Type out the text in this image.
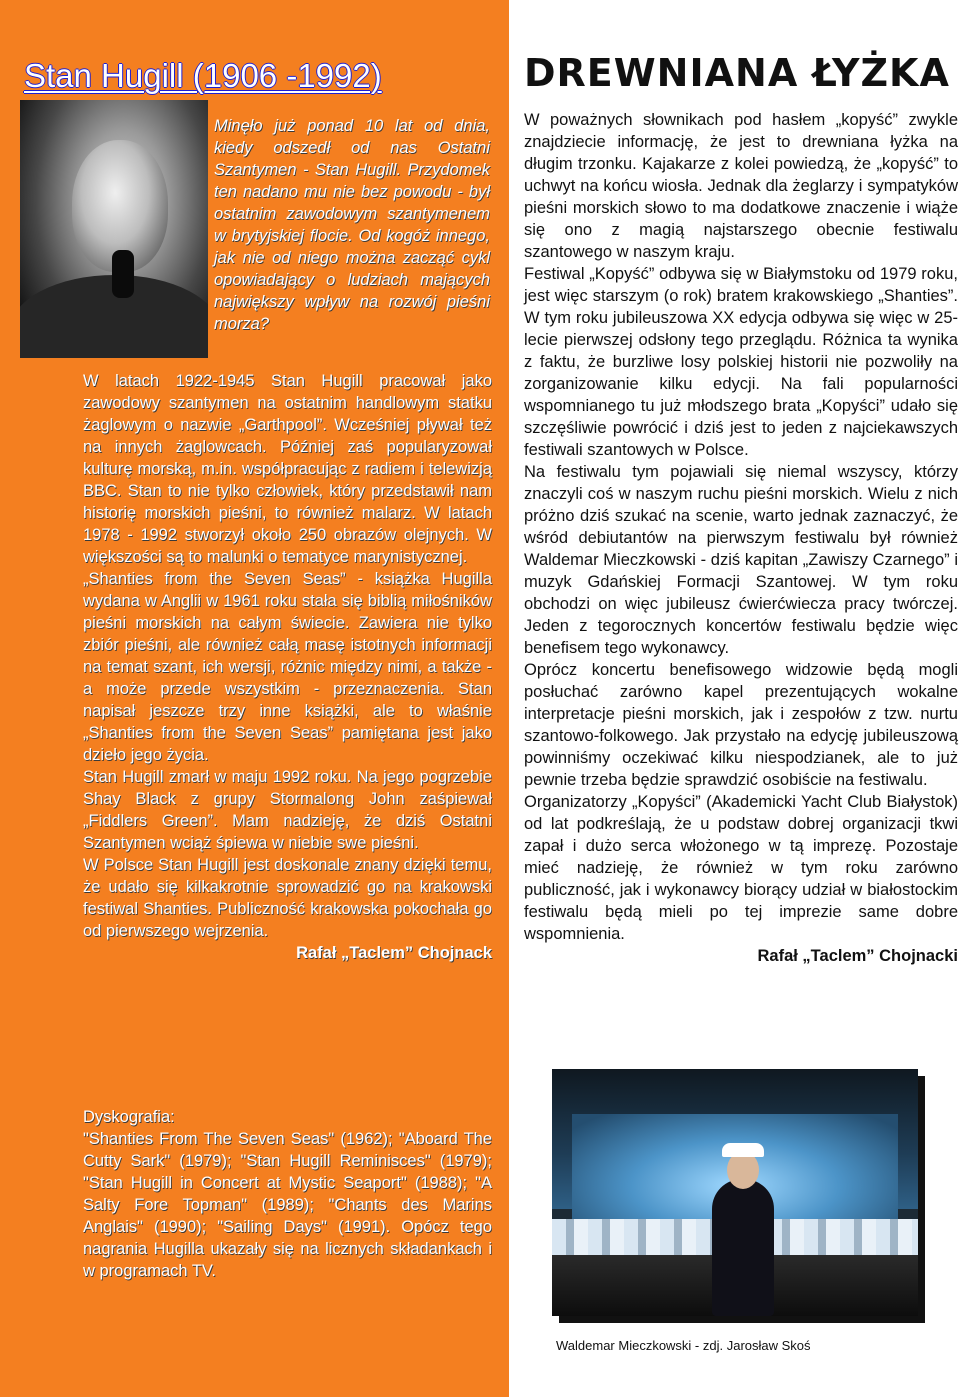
Stan Hugill (1906 -1992)

Minęło już ponad 10 lat od dnia, kiedy odszedł od nas Ostatni Szantymen - Stan Hugill. Przydomek ten nadano mu nie bez powodu - był ostatnim zawodowym szantymenem w brytyjskiej flocie. Od kogóż innego, jak nie od niego można zacząć cykl opowiadający o ludziach mających największy wpływ na rozwój pieśni morza?

W latach 1922-1945 Stan Hugill pracował jako zawodowy szantymen na ostatnim handlowym statku żaglowym o nazwie „Garthpool”. Wcześniej pływał też na innych żaglowcach. Później zaś popularyzował kulturę morską, m.in. współpracując z radiem i telewizją BBC. Stan to nie tylko człowiek, który przedstawił nam historię morskich pieśni, to również malarz. W latach 1978 - 1992 stworzył około 250 obrazów olejnych. W większości są to malunki o tematyce marynistycznej.

„Shanties from the Seven Seas” - książka Hugilla wydana w Anglii w 1961 roku stała się biblią miłośników pieśni morskich na całym świecie. Zawiera nie tylko zbiór pieśni, ale również całą masę istotnych informacji na temat szant, ich wersji, różnic między nimi, a także - a może przede wszystkim - przeznaczenia. Stan napisał jeszcze trzy inne książki, ale to właśnie „Shanties from the Seven Seas” pamiętana jest jako dzieło jego życia.

Stan Hugill zmarł w maju 1992 roku. Na jego pogrzebie Shay Black z grupy Stormalong John zaśpiewał „Fiddlers Green”. Mam nadzieję, że dziś Ostatni Szantymen wciąż śpiewa w niebie swe pieśni.

W Polsce Stan Hugill jest doskonale znany dzięki temu, że udało się kilkakrotnie sprowadzić go na krakowski festiwal Shanties. Publiczność krakowska pokochała go od pierwszego wejrzenia.

Rafał „Taclem” Chojnack

Dyskografia:

"Shanties From The Seven Seas" (1962); "Aboard The Cutty Sark" (1979); "Stan Hugill Reminisces" (1979); "Stan Hugill in Concert at Mystic Seaport" (1988); "A Salty Fore Topman" (1989); "Chants des Marins Anglais" (1990); "Sailing Days" (1991). Opócz tego nagrania Hugilla ukazały się na licznych składankach i w programach TV.

DREWNIANA ŁYŻKA

W poważnych słownikach pod hasłem „kopyść” zwykle znajdziecie informację, że jest to drewniana łyżka na długim trzonku. Kajakarze z kolei powiedzą, że „kopyść” to uchwyt na końcu wiosła. Jednak dla żeglarzy i sympatyków pieśni morskich słowo to ma dodatkowe znaczenie i wiąże się ono z magią najstarszego obecnie festiwalu szantowego w naszym kraju.

Festiwal „Kopyść” odbywa się w Białymstoku od 1979 roku, jest więc starszym (o rok) bratem krakowskiego „Shanties”. W tym roku jubileuszowa XX edycja odbywa się więc w 25-lecie pierwszej odsłony tego przeglądu. Różnica ta wynika z faktu, że burzliwe losy polskiej historii nie pozwoliły na zorganizowanie kilku edycji. Na fali popularności wspomnianego tu już młodszego brata „Kopyści” udało się szczęśliwie powrócić i dziś jest to jeden z najciekawszych festiwali szantowych w Polsce.

Na festiwalu tym pojawiali się niemal wszyscy, którzy znaczyli coś w naszym ruchu pieśni morskich. Wielu z nich próżno dziś szukać na scenie, warto jednak zaznaczyć, że wśród debiutantów na pierwszym festiwalu był również Waldemar Mieczkowski - dziś kapitan „Zawiszy Czarnego” i muzyk Gdańskiej Formacji Szantowej. W tym roku obchodzi on więc jubileusz ćwierćwiecza pracy twórczej. Jeden z tegorocznych koncertów festiwalu będzie więc benefisem tego wykonawcy.

Oprócz koncertu benefisowego widzowie będą mogli posłuchać zarówno kapel prezentujących wokalne interpretacje pieśni morskich, jak i zespołów z tzw. nurtu szantowo-folkowego. Jak przystało na edycję jubileuszową powinniśmy oczekiwać kilku niespodzianek, ale to już pewnie trzeba będzie sprawdzić osobiście na festiwalu.

Organizatorzy „Kopyści” (Akademicki Yacht Club Białystok) od lat podkreślają, że u podstaw dobrej organizacji tkwi zapał i dużo serca włożonego w tą imprezę. Pozostaje mieć nadzieję, że również w tym roku zarówno publiczność, jak i wykonawcy biorący udział w białostockim festiwalu będą mieli po tej imprezie same dobre wspomnienia.

Rafał „Taclem” Chojnacki

Waldemar Mieczkowski - zdj. Jarosław Skoś
